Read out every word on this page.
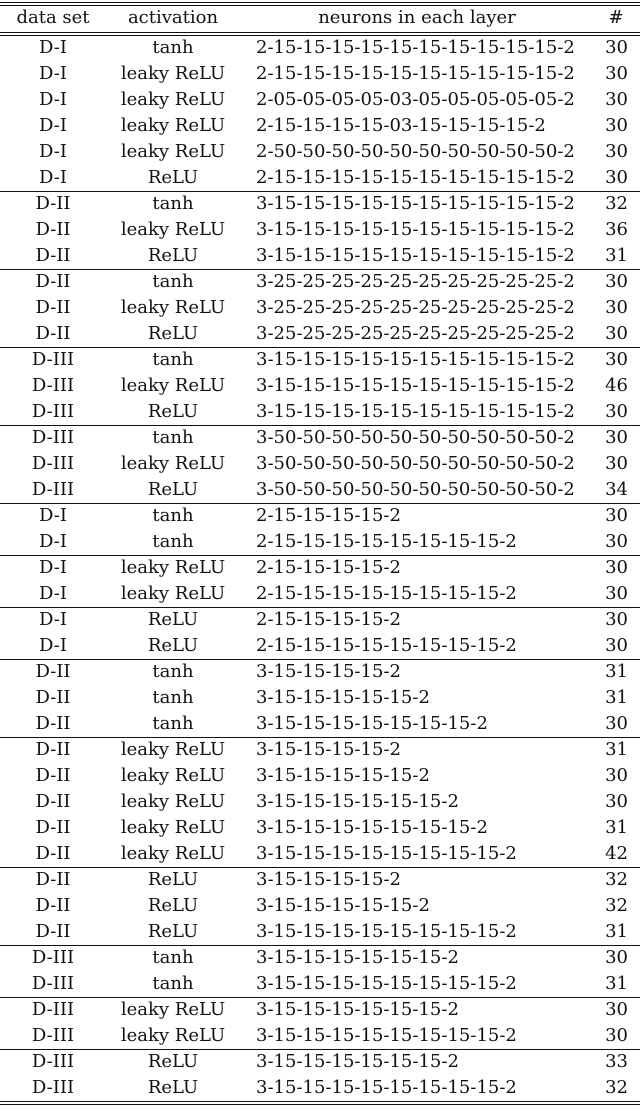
data set	activation	neurons in each layer	#
D-I	tanh	2-15-15-15-15-15-15-15-15-15-15-2	30
D-I	leaky ReLU	2-15-15-15-15-15-15-15-15-15-15-2	30
D-I	leaky ReLU	2-05-05-05-05-03-05-05-05-05-05-2	30
D-I	leaky ReLU	2-15-15-15-15-03-15-15-15-15-2	30
D-I	leaky ReLU	2-50-50-50-50-50-50-50-50-50-50-2	30
D-I	ReLU	2-15-15-15-15-15-15-15-15-15-15-2	30
D-II	tanh	3-15-15-15-15-15-15-15-15-15-15-2	32
D-II	leaky ReLU	3-15-15-15-15-15-15-15-15-15-15-2	36
D-II	ReLU	3-15-15-15-15-15-15-15-15-15-15-2	31
D-II	tanh	3-25-25-25-25-25-25-25-25-25-25-2	30
D-II	leaky ReLU	3-25-25-25-25-25-25-25-25-25-25-2	30
D-II	ReLU	3-25-25-25-25-25-25-25-25-25-25-2	30
D-III	tanh	3-15-15-15-15-15-15-15-15-15-15-2	30
D-III	leaky ReLU	3-15-15-15-15-15-15-15-15-15-15-2	46
D-III	ReLU	3-15-15-15-15-15-15-15-15-15-15-2	30
D-III	tanh	3-50-50-50-50-50-50-50-50-50-50-2	30
D-III	leaky ReLU	3-50-50-50-50-50-50-50-50-50-50-2	30
D-III	ReLU	3-50-50-50-50-50-50-50-50-50-50-2	34
D-I	tanh	2-15-15-15-15-2	30
D-I	tanh	2-15-15-15-15-15-15-15-15-2	30
D-I	leaky ReLU	2-15-15-15-15-2	30
D-I	leaky ReLU	2-15-15-15-15-15-15-15-15-2	30
D-I	ReLU	2-15-15-15-15-2	30
D-I	ReLU	2-15-15-15-15-15-15-15-15-2	30
D-II	tanh	3-15-15-15-15-2	31
D-II	tanh	3-15-15-15-15-15-2	31
D-II	tanh	3-15-15-15-15-15-15-15-2	30
D-II	leaky ReLU	3-15-15-15-15-2	31
D-II	leaky ReLU	3-15-15-15-15-15-2	30
D-II	leaky ReLU	3-15-15-15-15-15-15-2	30
D-II	leaky ReLU	3-15-15-15-15-15-15-15-2	31
D-II	leaky ReLU	3-15-15-15-15-15-15-15-15-2	42
D-II	ReLU	3-15-15-15-15-2	32
D-II	ReLU	3-15-15-15-15-15-2	32
D-II	ReLU	3-15-15-15-15-15-15-15-15-2	31
D-III	tanh	3-15-15-15-15-15-15-2	30
D-III	tanh	3-15-15-15-15-15-15-15-15-2	31
D-III	leaky ReLU	3-15-15-15-15-15-15-2	30
D-III	leaky ReLU	3-15-15-15-15-15-15-15-15-2	30
D-III	ReLU	3-15-15-15-15-15-15-2	33
D-III	ReLU	3-15-15-15-15-15-15-15-15-2	32
